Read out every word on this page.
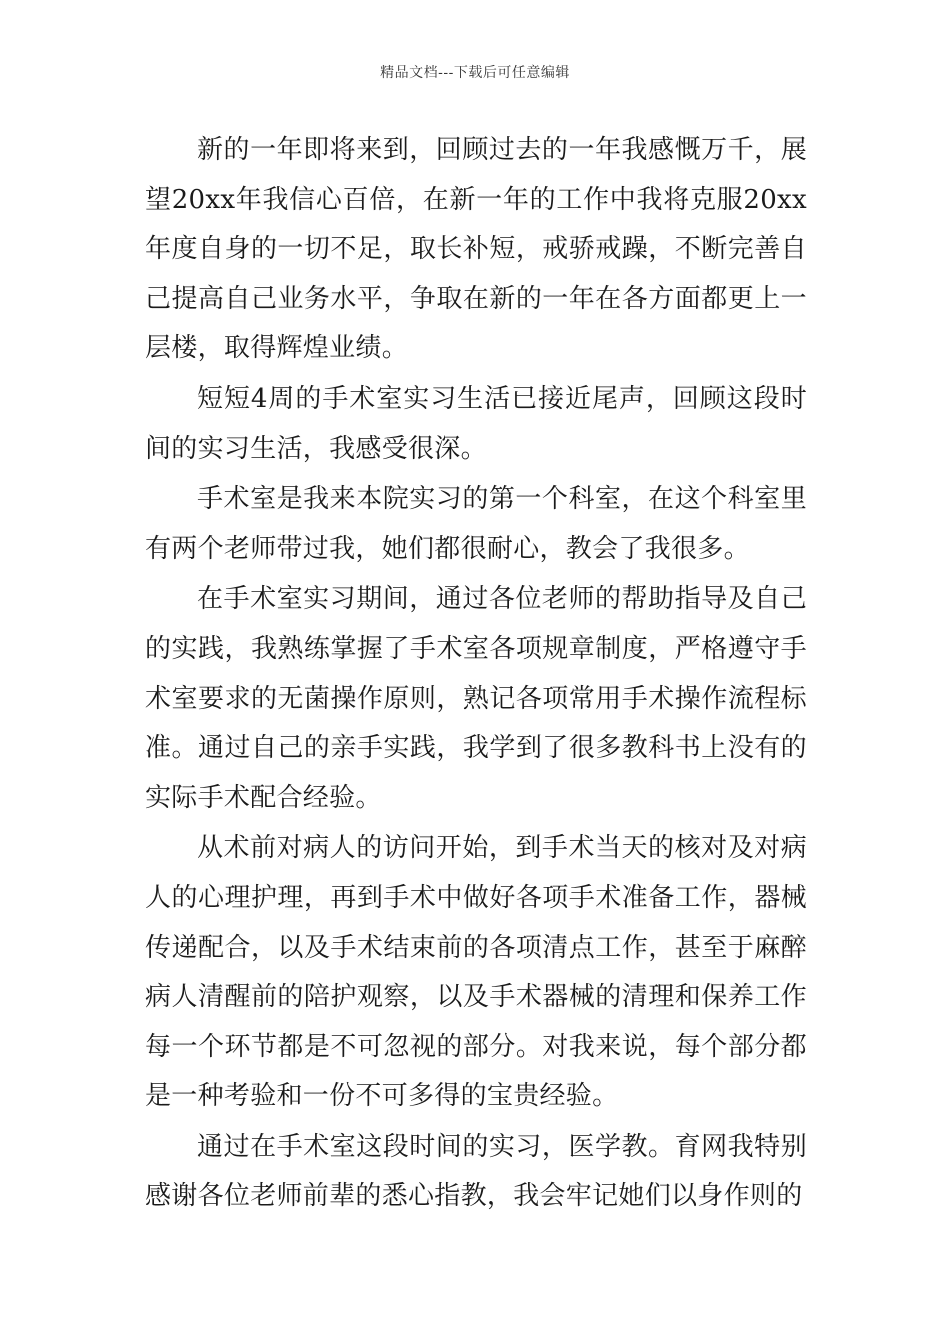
精品文档---下载后可任意编辑

新的一年即将来到，回顾过去的一年我感慨万千，展望20xx年我信心百倍，在新一年的工作中我将克服20xx年度自身的一切不足，取长补短，戒骄戒躁，不断完善自己提高自己业务水平，争取在新的一年在各方面都更上一层楼，取得辉煌业绩。

短短4周的手术室实习生活已接近尾声，回顾这段时间的实习生活，我感受很深。

手术室是我来本院实习的第一个科室，在这个科室里有两个老师带过我，她们都很耐心，教会了我很多。

在手术室实习期间，通过各位老师的帮助指导及自己的实践，我熟练掌握了手术室各项规章制度，严格遵守手术室要求的无菌操作原则，熟记各项常用手术操作流程标准。通过自己的亲手实践，我学到了很多教科书上没有的实际手术配合经验。

从术前对病人的访问开始，到手术当天的核对及对病人的心理护理，再到手术中做好各项手术准备工作，器械传递配合，以及手术结束前的各项清点工作，甚至于麻醉病人清醒前的陪护观察，以及手术器械的清理和保养工作每一个环节都是不可忽视的部分。对我来说，每个部分都是一种考验和一份不可多得的宝贵经验。

通过在手术室这段时间的实习，医学教。育网我特别感谢各位老师前辈的悉心指教，我会牢记她们以身作则的
